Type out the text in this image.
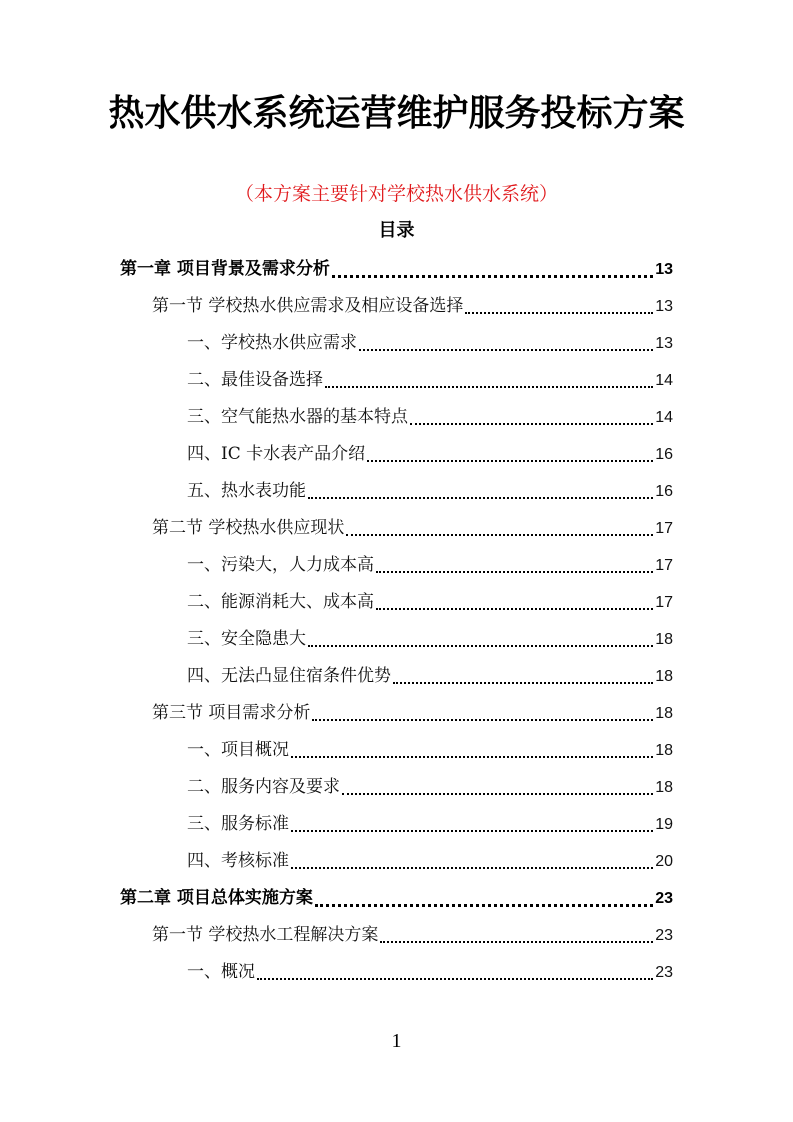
热水供水系统运营维护服务投标方案
（本方案主要针对学校热水供水系统）
目录
第一章 项目背景及需求分析	13
第一节 学校热水供应需求及相应设备选择	13
一、学校热水供应需求	13
二、最佳设备选择	14
三、空气能热水器的基本特点	14
四、IC 卡水表产品介绍	16
五、热水表功能	16
第二节 学校热水供应现状	17
一、污染大，人力成本高	17
二、能源消耗大、成本高	17
三、安全隐患大	18
四、无法凸显住宿条件优势	18
第三节 项目需求分析	18
一、项目概况	18
二、服务内容及要求	18
三、服务标准	19
四、考核标准	20
第二章 项目总体实施方案	23
第一节 学校热水工程解决方案	23
一、概况	23
1
